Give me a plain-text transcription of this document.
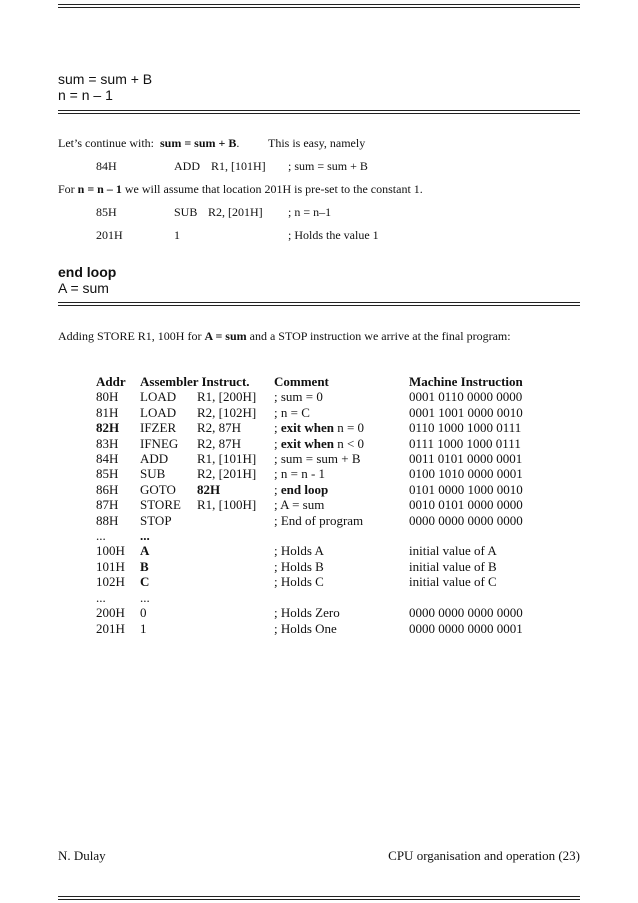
sum = sum + B
n = n – 1
Let’s continue with: sum = sum + B. This is easy, namely
84H	ADD R1, [101H] ; sum = sum + B
For n = n – 1 we will assume that location 201H is pre-set to the constant 1.
85H	SUB R2, [201H] ; n = n–1
201H	1	; Holds the value 1
end loop
A = sum
Adding STORE R1, 100H for A = sum and a STOP instruction we arrive at the final program:
Addr	Assembler Instruct.		Comment	Machine Instruction
80H	LOAD	R1, [200H]	; sum = 0	0001 0110 0000 0000
81H	LOAD	R2, [102H]	; n = C	0001 1001 0000 0010
82H	IFZER	R2, 87H	; exit when n = 0	0110 1000 1000 0111
83H	IFNEG	R2, 87H	; exit when n < 0	0111 1000 1000 0111
84H	ADD	R1, [101H]	; sum = sum + B	0011 0101 0000 0001
85H	SUB	R2, [201H]	; n = n - 1	0100 1010 0000 0001
86H	GOTO	82H	; end loop	0101 0000 1000 0010
87H	STORE	R1, [100H]	; A = sum	0010 0101 0000 0000
88H	STOP		; End of program	0000 0000 0000 0000
...	...			
100H	A		; Holds A	initial value of A
101H	B		; Holds B	initial value of B
102H	C		; Holds C	initial value of C
...	...			
200H	0		; Holds Zero	0000 0000 0000 0000
201H	1		; Holds One	0000 0000 0000 0001
N. Dulay	CPU organisation and operation (23)
